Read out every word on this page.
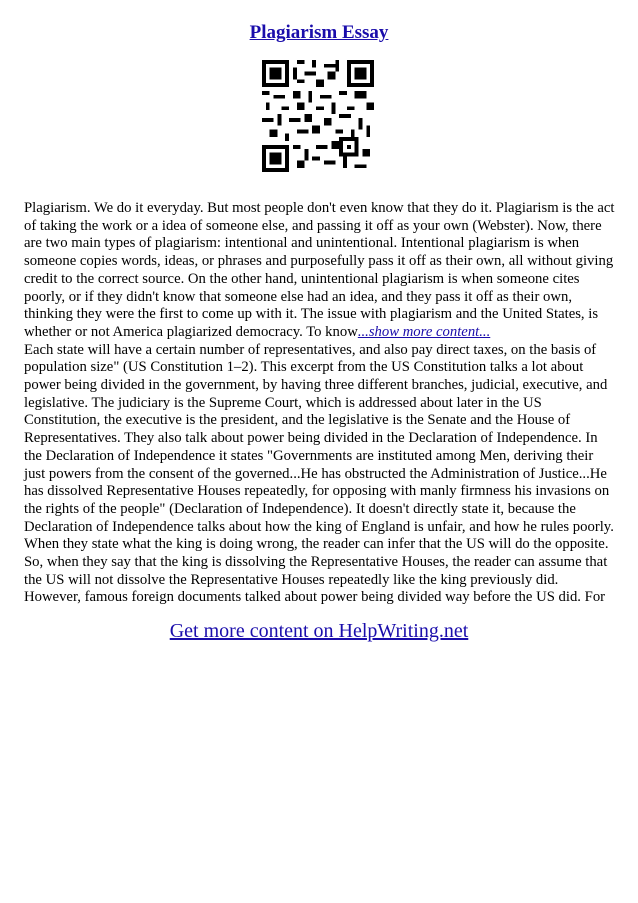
Plagiarism Essay

Plagiarism. We do it everyday. But most people don't even know that they do it. Plagiarism is the act of taking the work or a idea of someone else, and passing it off as your own (Webster). Now, there are two main types of plagiarism: intentional and unintentional. Intentional plagiarism is when someone copies words, ideas, or phrases and purposefully pass it off as their own, all without giving credit to the correct source. On the other hand, unintentional plagiarism is when someone cites poorly, or if they didn't know that someone else had an idea, and they pass it off as their own, thinking they were the first to come up with it. The issue with plagiarism and the United States, is whether or not America plagiarized democracy. To know...show more content...

Each state will have a certain number of representatives, and also pay direct taxes, on the basis of population size" (US Constitution 1–2). This excerpt from the US Constitution talks a lot about power being divided in the government, by having three different branches, judicial, executive, and legislative. The judiciary is the Supreme Court, which is addressed about later in the US Constitution, the executive is the president, and the legislative is the Senate and the House of Representatives. They also talk about power being divided in the Declaration of Independence. In the Declaration of Independence it states "Governments are instituted among Men, deriving their just powers from the consent of the governed...He has obstructed the Administration of Justice...He has dissolved Representative Houses repeatedly, for opposing with manly firmness his invasions on the rights of the people" (Declaration of Independence). It doesn't directly state it, because the Declaration of Independence talks about how the king of England is unfair, and how he rules poorly. When they state what the king is doing wrong, the reader can infer that the US will do the opposite. So, when they say that the king is dissolving the Representative Houses, the reader can assume that the US will not dissolve the Representative Houses repeatedly like the king previously did. However, famous foreign documents talked about power being divided way before the US did. For

Get more content on HelpWriting.net
